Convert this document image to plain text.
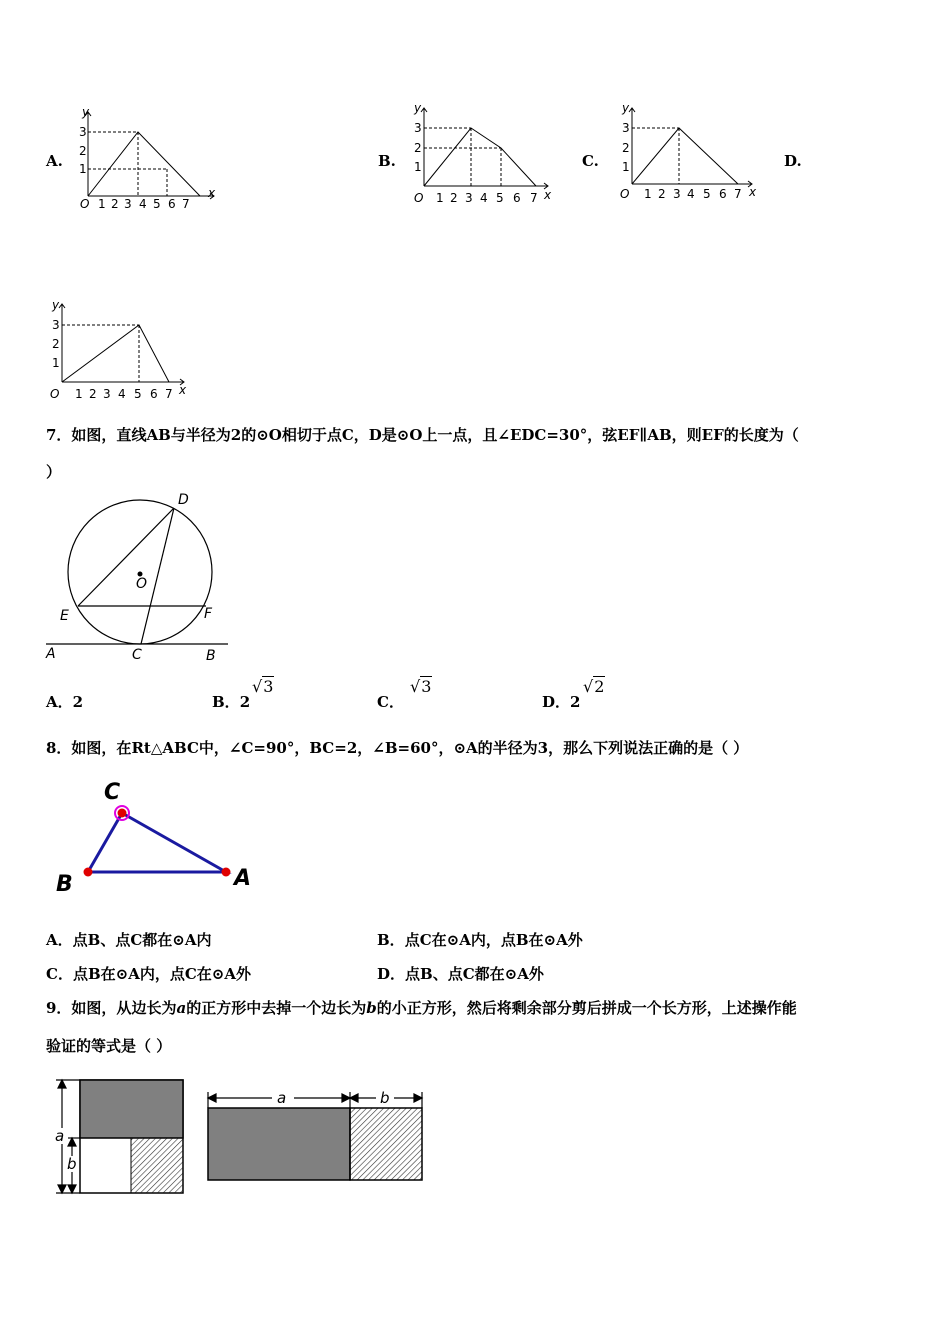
A.	B.	C.	D.
y
3
2
1
O 1 2 3 4 5 6 7
x
y
3
2
1
O 1 2 3 4 5 6 7 x
y
3
2
1
O 1 2 3 4 5 6 7 x
y
3
2
1
O 1 2 3 4 5 6 7 x
7．如图，直线AB与半径为2的⊙O相切于点C，D是⊙O上一点，且∠EDC=30°，弦EF∥AB，则EF的长度为（
）
D
O
E	F
A	C	B
A．2	B．2
√3
C．
√3
D．2
√2
8．如图，在Rt△ABC中，∠C=90°，BC=2，∠B=60°，⊙A的半径为3，那么下列说法正确的是（ ）
C
B	A
A．点B、点C都在⊙A内	B．点C在⊙A内，点B在⊙A外
C．点B在⊙A内，点C在⊙A外	D．点B、点C都在⊙A外
9．如图，从边长为a的正方形中去掉一个边长为b的小正方形，然后将剩余部分剪后拼成一个长方形，上述操作能
验证的等式是（ ）
a
b
a	b
